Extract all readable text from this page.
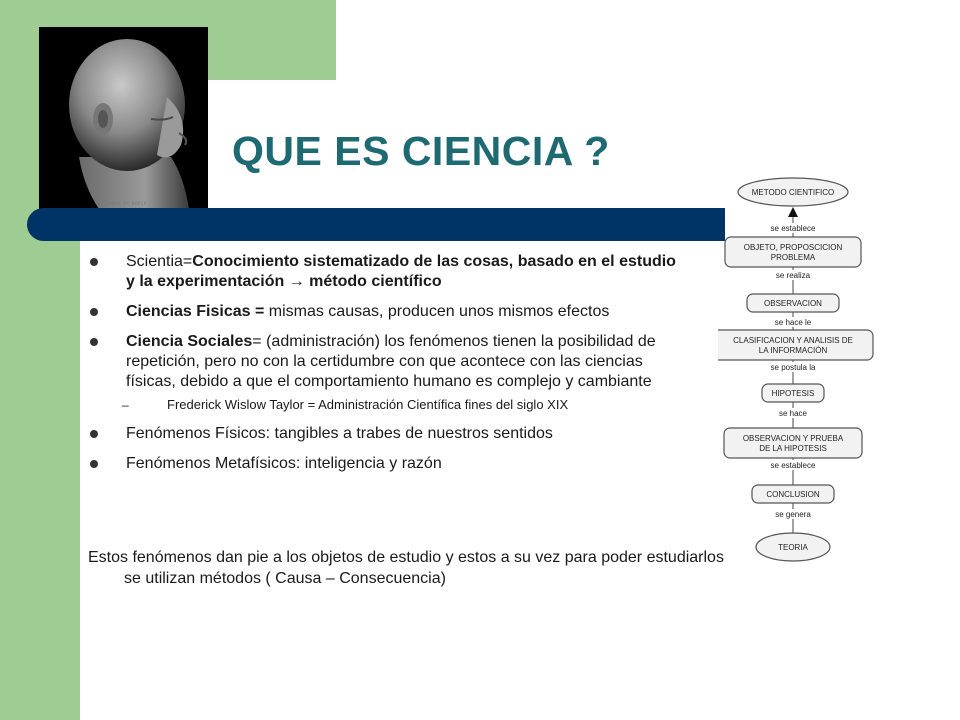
IMAGE BY KOPIU
QUE ES CIENCIA ?
Scientia=Conocimiento sistematizado de las cosas, basado en el estudio y la experimentación → método científico
Ciencias Fisicas = mismas causas, producen unos mismos efectos
Ciencia Sociales= (administración) los fenómenos tienen la posibilidad de repetición, pero no con la certidumbre con que acontece con las ciencias físicas, debido a que el comportamiento humano es complejo y cambiante
–	Frederick Wislow Taylor = Administración Científica fines del siglo XIX
Fenómenos Físicos: tangibles a trabes de nuestros sentidos
Fenómenos Metafísicos: inteligencia y razón

Estos fenómenos dan pie a los objetos de estudio y estos a su vez para poder estudiarlos se utilizan métodos ( Causa – Consecuencia)

METODO CIENTIFICO
OBJETO, PROPOSCICION
PROBLEMA
OBSERVACION
CLASIFICACION Y ANALISIS DE
LA INFORMACIÓN
HIPOTESIS
OBSERVACION Y PRUEBA
DE LA HIPOTESIS
CONCLUSION
TEORIA
se establece
se realiza
se hace le
se postula la
se hace
se establece
se genera
